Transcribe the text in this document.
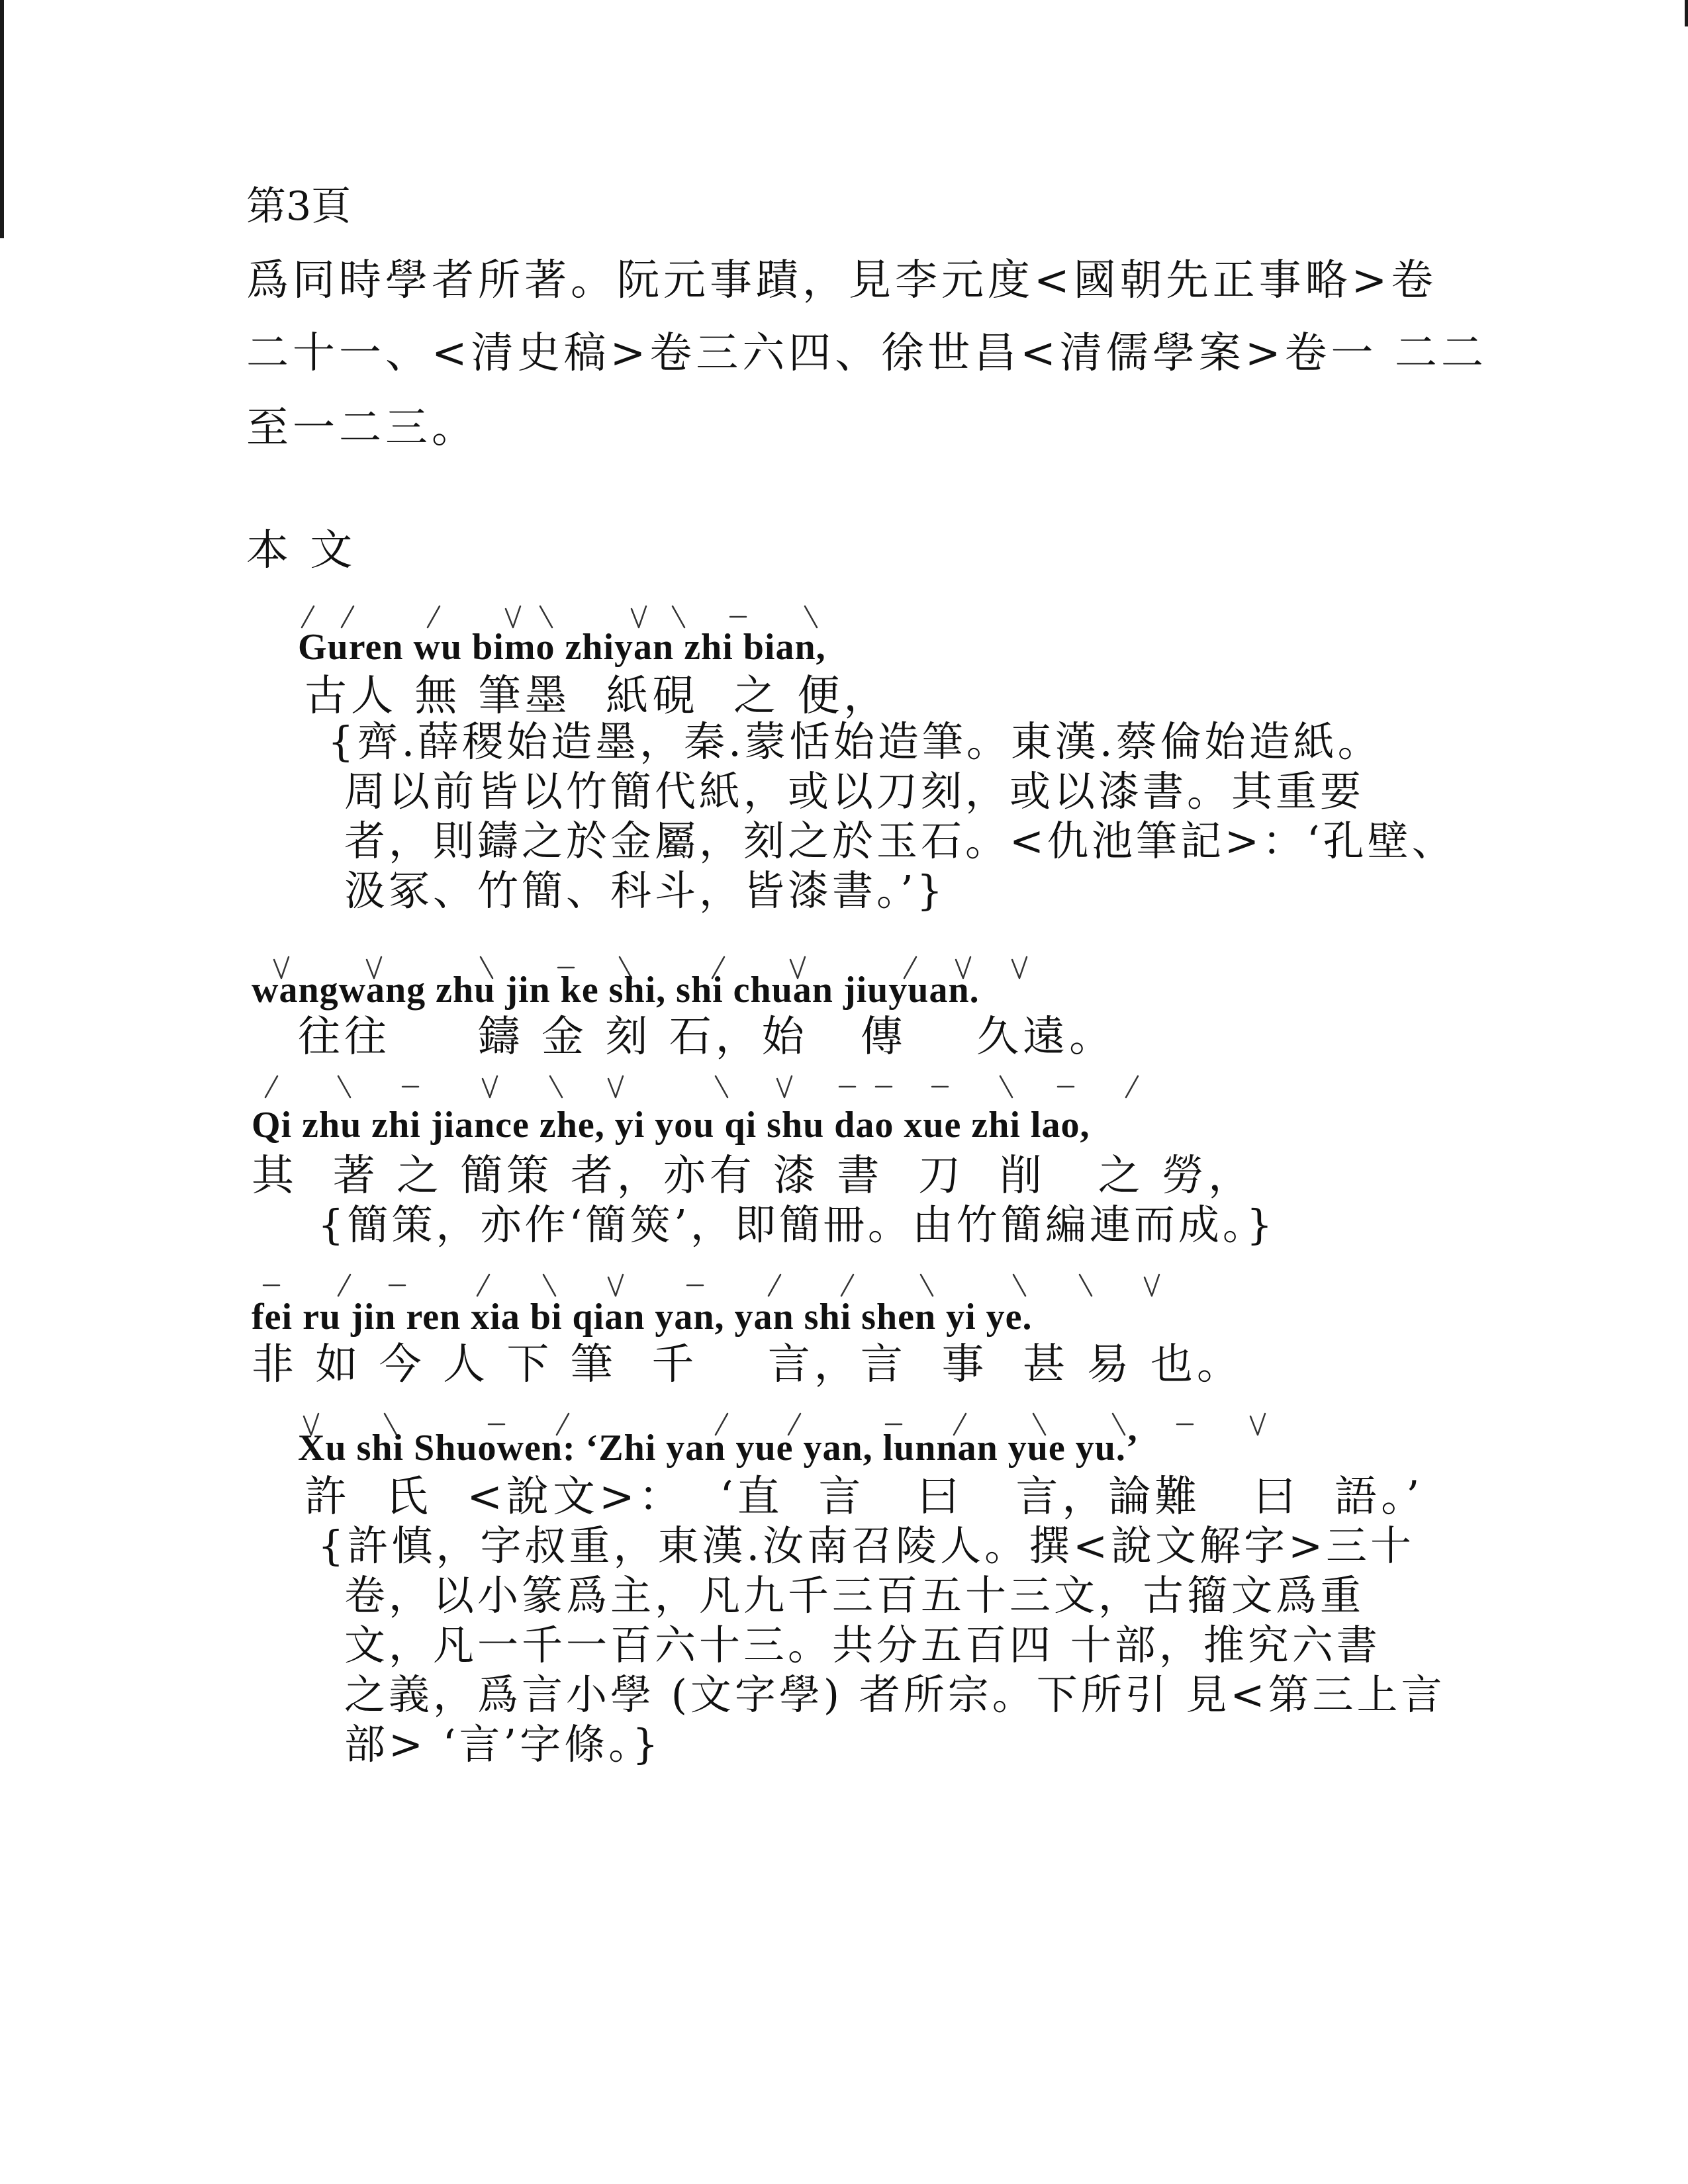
第3頁
爲同時學者所著。阮元事蹟，見李元度<國朝先正事略>卷
二十一、<清史稿>卷三六四、徐世昌<清儒學案>卷一 二二
至一二三。
本 文
Guren wu bimo zhiyan zhi bian,
古人 無 筆墨  紙硯  之 便，
{齊.薛稷始造墨，秦.蒙恬始造筆。東漢.蔡倫始造紙。
周以前皆以竹簡代紙，或以刀刻，或以漆書。其重要
者，則鑄之於金屬，刻之於玉石。<仇池筆記>：‘孔壁、
汲冢、竹簡、科斗，皆漆書。’}
wangwang zhu jin ke shi, shi chuan jiuyuan.
往往     鑄 金 刻 石，始   傳    久遠。
Qi zhu zhi jiance zhe, yi you qi shu dao xue zhi lao,
其  著 之 簡策 者，亦有 漆 書  刀  削   之 勞，
{簡策，亦作‘簡筴’，即簡冊。由竹簡編連而成。}
fei ru jin ren xia bi qian yan, yan shi shen yi ye.
非 如 今 人 下 筆  千    言，言  事  甚 易 也。
Xu shi Shuowen: ‘Zhi yan yue yan, lunnan yue yu.’
許  氏  <說文>：  ‘直  言   曰   言，論難   曰  語。’
{許慎，字叔重，東漢.汝南召陵人。撰<說文解字>三十
卷，以小篆爲主，凡九千三百五十三文，古籀文爲重
文，凡一千一百六十三。共分五百四 十部，推究六書
之義，爲言小學 (文字學) 者所宗。下所引 見<第三上言
部> ‘言’字條。}
